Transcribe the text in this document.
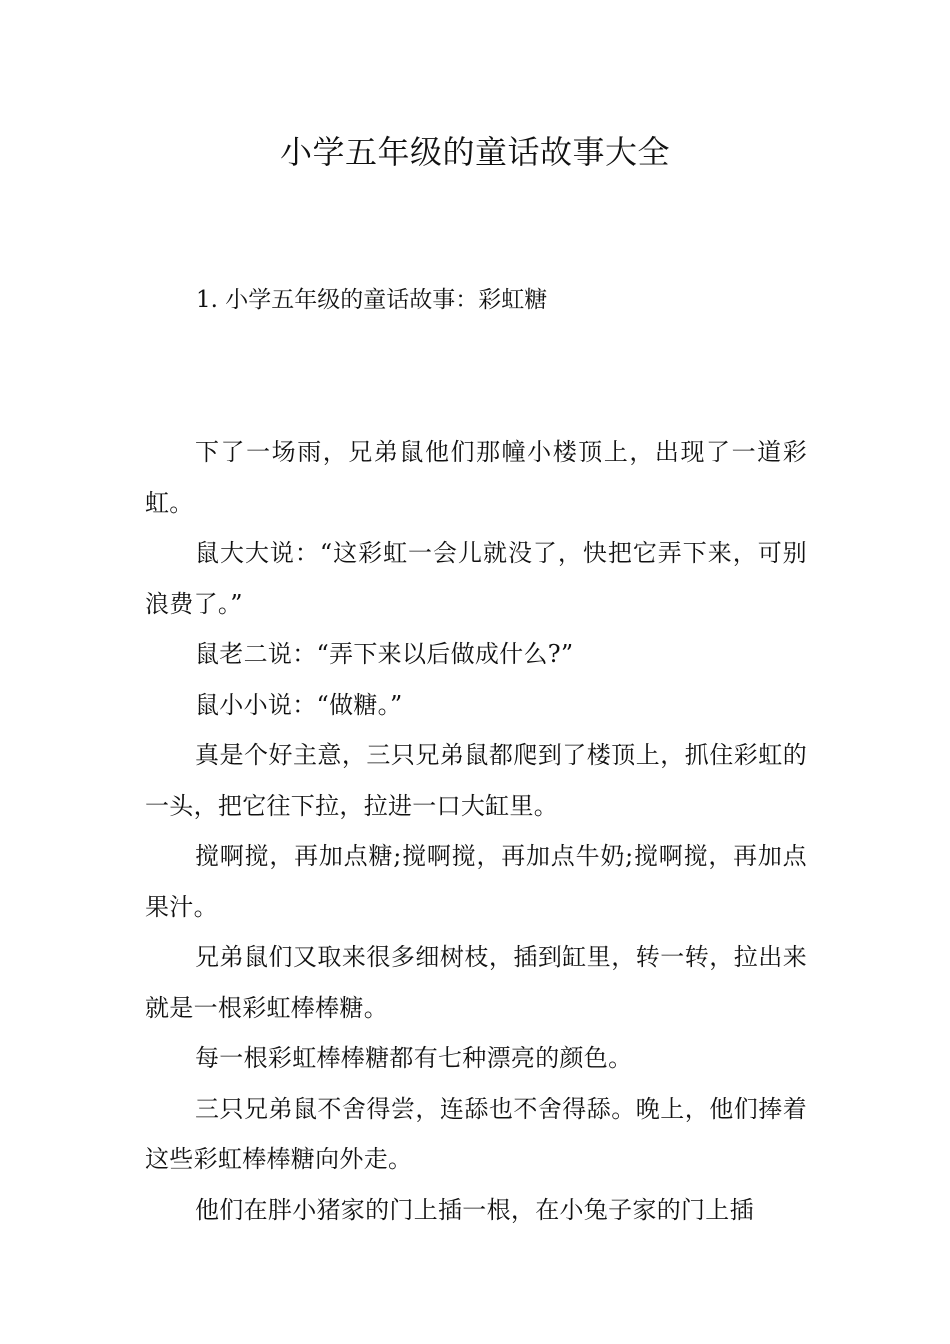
小学五年级的童话故事大全
1. 小学五年级的童话故事：彩虹糖

下了一场雨，兄弟鼠他们那幢小楼顶上，出现了一道彩虹。

鼠大大说：“这彩虹一会儿就没了，快把它弄下来，可别浪费了。”

鼠老二说：“弄下来以后做成什么?”

鼠小小说：“做糖。”

真是个好主意，三只兄弟鼠都爬到了楼顶上，抓住彩虹的一头，把它往下拉，拉进一口大缸里。

搅啊搅，再加点糖;搅啊搅，再加点牛奶;搅啊搅，再加点果汁。

兄弟鼠们又取来很多细树枝，插到缸里，转一转，拉出来就是一根彩虹棒棒糖。

每一根彩虹棒棒糖都有七种漂亮的颜色。

三只兄弟鼠不舍得尝，连舔也不舍得舔。晚上，他们捧着这些彩虹棒棒糖向外走。

他们在胖小猪家的门上插一根，在小兔子家的门上插
